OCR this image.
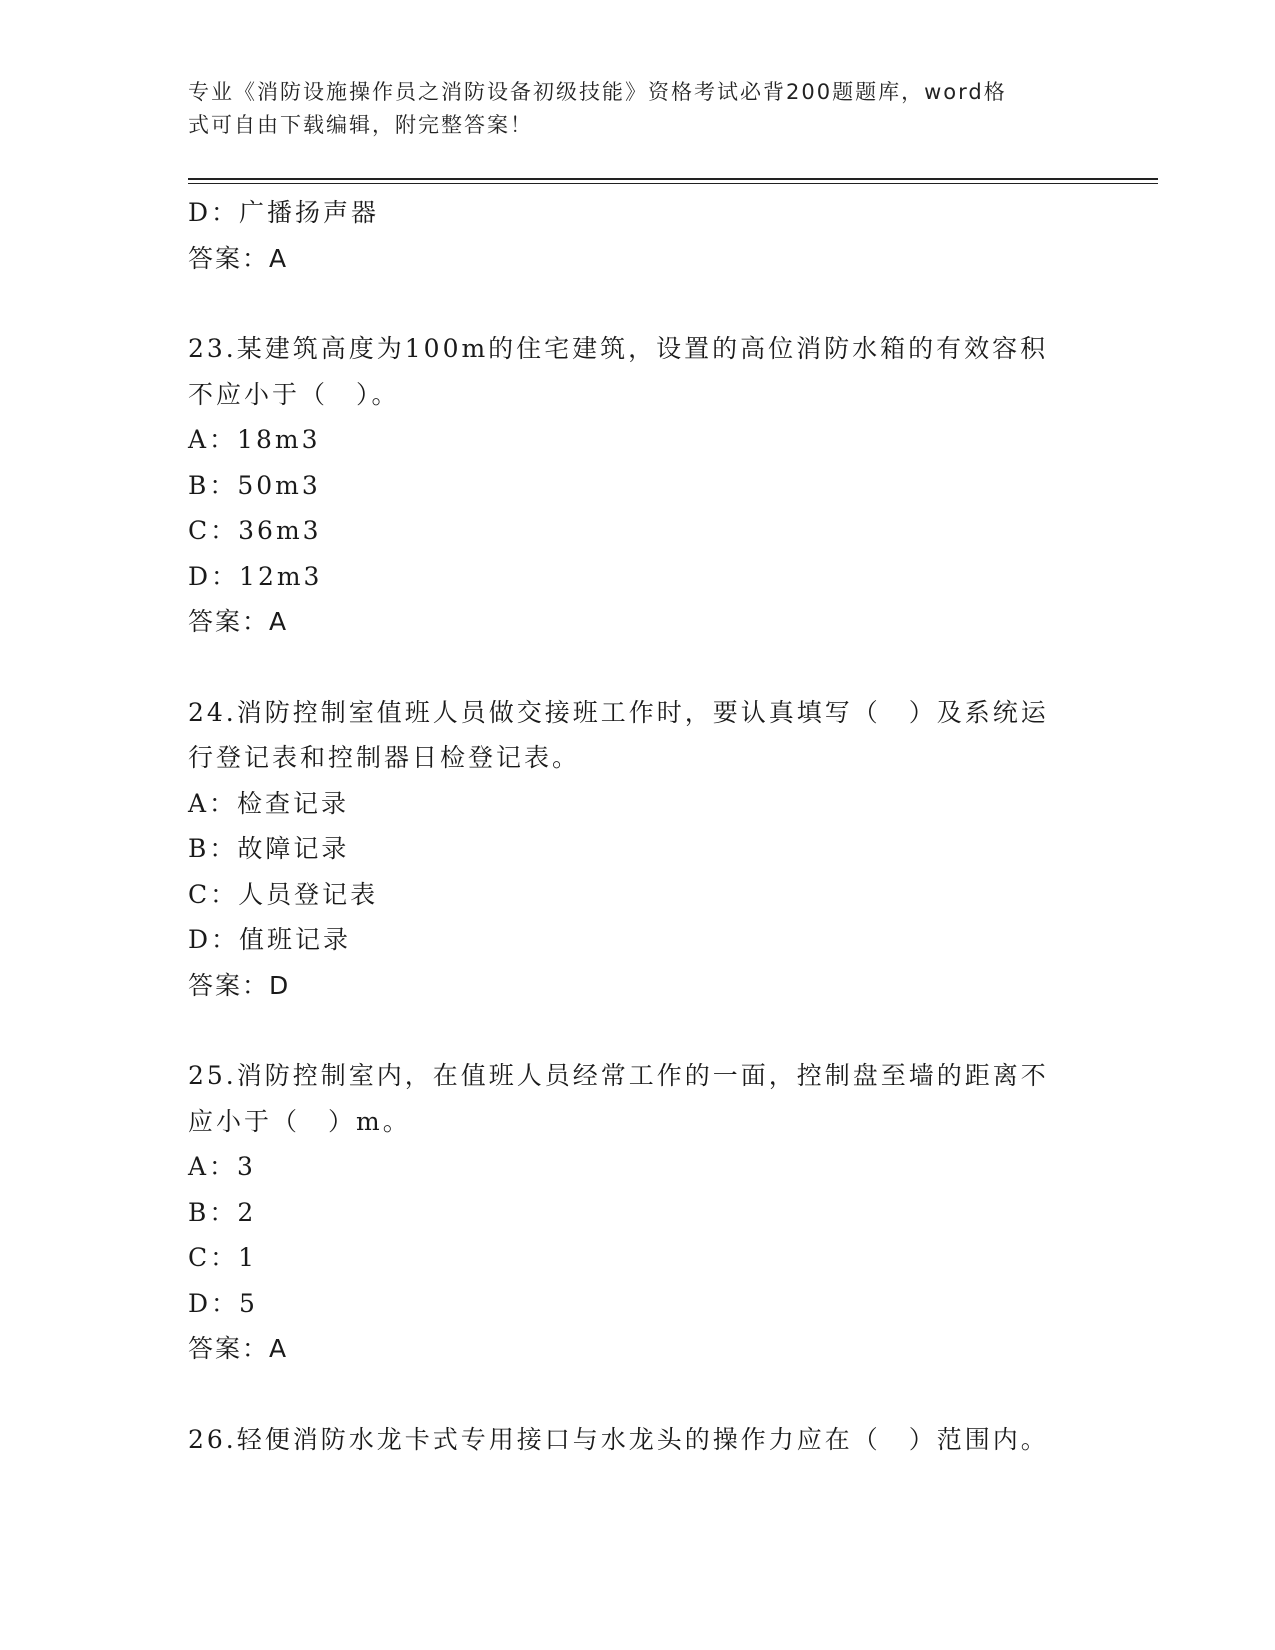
专业《消防设施操作员之消防设备初级技能》资格考试必背200题题库，word格
式可自由下载编辑，附完整答案！
D：广播扬声器
答案：A
23.某建筑高度为100m的住宅建筑，设置的高位消防水箱的有效容积
不应小于（　）。
A：18m3
B：50m3
C：36m3
D：12m3
答案：A
24.消防控制室值班人员做交接班工作时，要认真填写（　）及系统运
行登记表和控制器日检登记表。
A：检查记录
B：故障记录
C：人员登记表
D：值班记录
答案：D
25.消防控制室内，在值班人员经常工作的一面，控制盘至墙的距离不
应小于（　）m。
A：3
B：2
C：1
D：5
答案：A
26.轻便消防水龙卡式专用接口与水龙头的操作力应在（　）范围内。
